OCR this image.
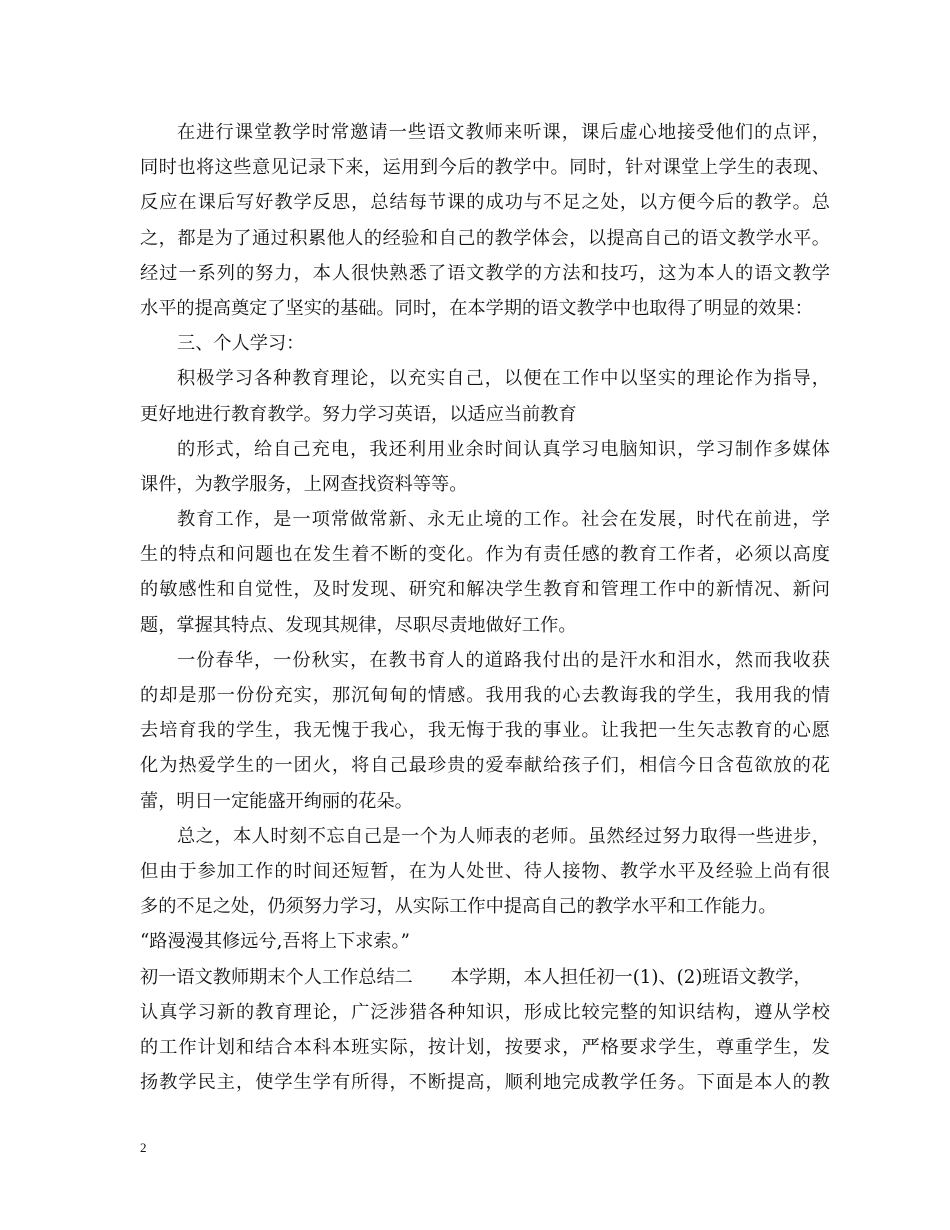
在进行课堂教学时常邀请一些语文教师来听课，课后虚心地接受他们的点评，
同时也将这些意见记录下来，运用到今后的教学中。同时，针对课堂上学生的表现、
反应在课后写好教学反思，总结每节课的成功与不足之处，以方便今后的教学。总
之，都是为了通过积累他人的经验和自己的教学体会，以提高自己的语文教学水平。
经过一系列的努力，本人很快熟悉了语文教学的方法和技巧，这为本人的语文教学
水平的提高奠定了坚实的基础。同时，在本学期的语文教学中也取得了明显的效果：
三、个人学习：
积极学习各种教育理论，以充实自己，以便在工作中以坚实的理论作为指导，
更好地进行教育教学。努力学习英语，以适应当前教育
的形式，给自己充电，我还利用业余时间认真学习电脑知识，学习制作多媒体
课件，为教学服务，上网查找资料等等。
教育工作，是一项常做常新、永无止境的工作。社会在发展，时代在前进，学
生的特点和问题也在发生着不断的变化。作为有责任感的教育工作者，必须以高度
的敏感性和自觉性，及时发现、研究和解决学生教育和管理工作中的新情况、新问
题，掌握其特点、发现其规律，尽职尽责地做好工作。
一份春华，一份秋实，在教书育人的道路我付出的是汗水和泪水，然而我收获
的却是那一份份充实，那沉甸甸的情感。我用我的心去教诲我的学生，我用我的情
去培育我的学生，我无愧于我心，我无悔于我的事业。让我把一生矢志教育的心愿
化为热爱学生的一团火，将自己最珍贵的爱奉献给孩子们，相信今日含苞欲放的花
蕾，明日一定能盛开绚丽的花朵。
总之，本人时刻不忘自己是一个为人师表的老师。虽然经过努力取得一些进步，
但由于参加工作的时间还短暂，在为人处世、待人接物、教学水平及经验上尚有很
多的不足之处，仍须努力学习，从实际工作中提高自己的教学水平和工作能力。
“路漫漫其修远兮,吾将上下求索。”
初一语文教师期末个人工作总结二 本学期，本人担任初一(1)、(2)班语文教学，
认真学习新的教育理论，广泛涉猎各种知识，形成比较完整的知识结构，遵从学校
的工作计划和结合本科本班实际，按计划，按要求，严格要求学生，尊重学生，发
扬教学民主，使学生学有所得，不断提高，顺利地完成教学任务。下面是本人的教
2
